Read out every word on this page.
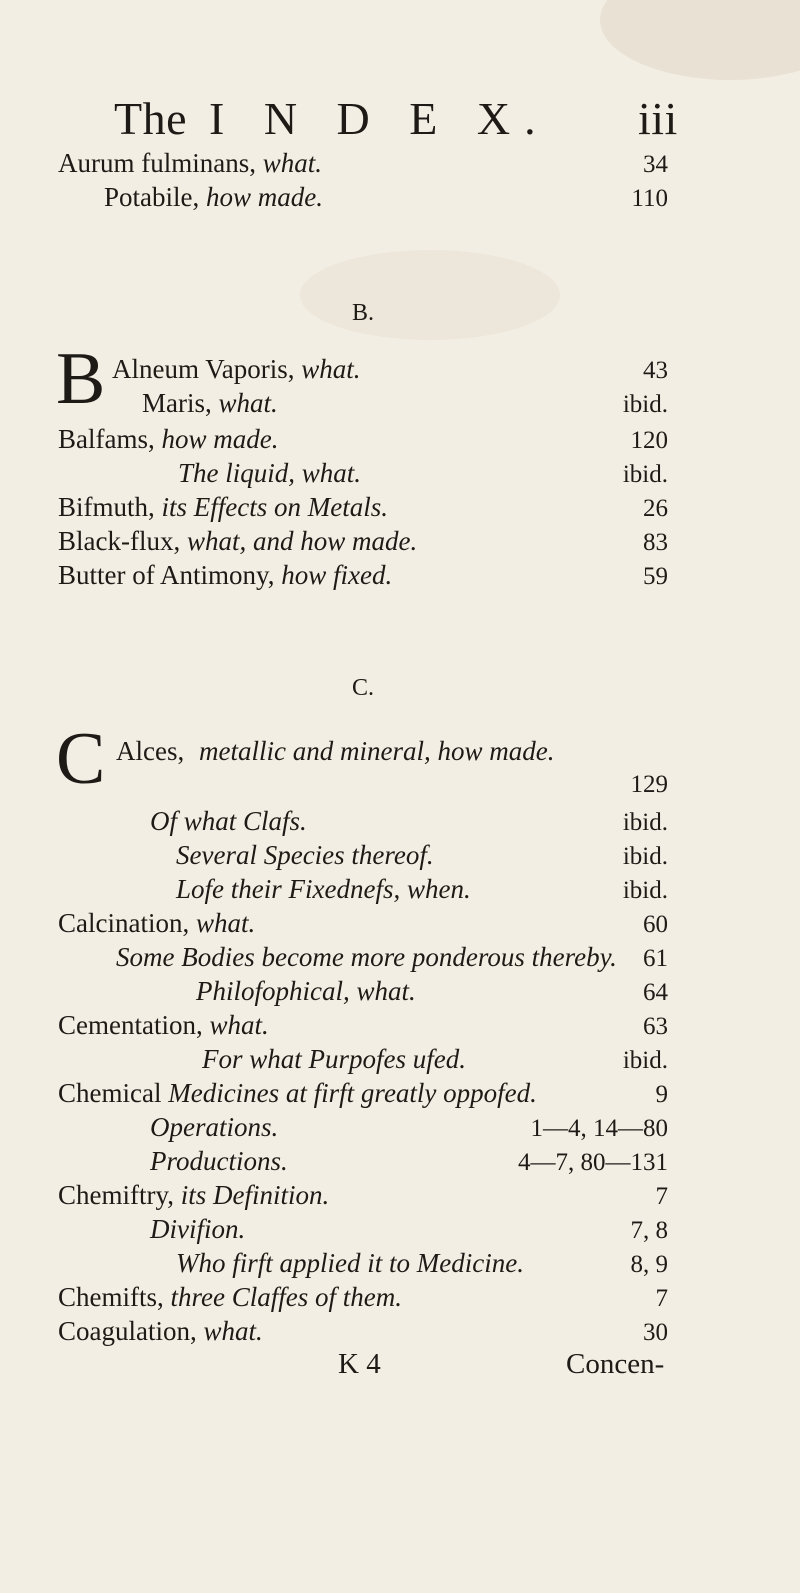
The I N D E X. iii
Aurum fulminans, what.	34
Potabile, how made.	110
B.
B Alneum Vaporis, what.	43
Maris, what.	ibid.
Balfams, how made.	120
The liquid, what.	ibid.
Bifmuth, its Effects on Metals.	26
Black-flux, what, and how made.	83
Butter of Antimony, how fixed.	59
C.
C Alces, metallic and mineral, how made.
129
Of what Clafs.	ibid.
Several Species thereof.	ibid.
Lofe their Fixednefs, when.	ibid.
Calcination, what.	60
Some Bodies become more ponderous thereby. 61
Philofophical, what.	64
Cementation, what.	63
For what Purpofes ufed.	ibid.
Chemical Medicines at firft greatly oppofed.	9
Operations.	1—4, 14—80
Productions.	4—7, 80—131
Chemiftry, its Definition.	7
Divifion.	7, 8
Who firft applied it to Medicine.	8, 9
Chemifts, three Claffes of them.	7
Coagulation, what.	30
K 4	Concen-
